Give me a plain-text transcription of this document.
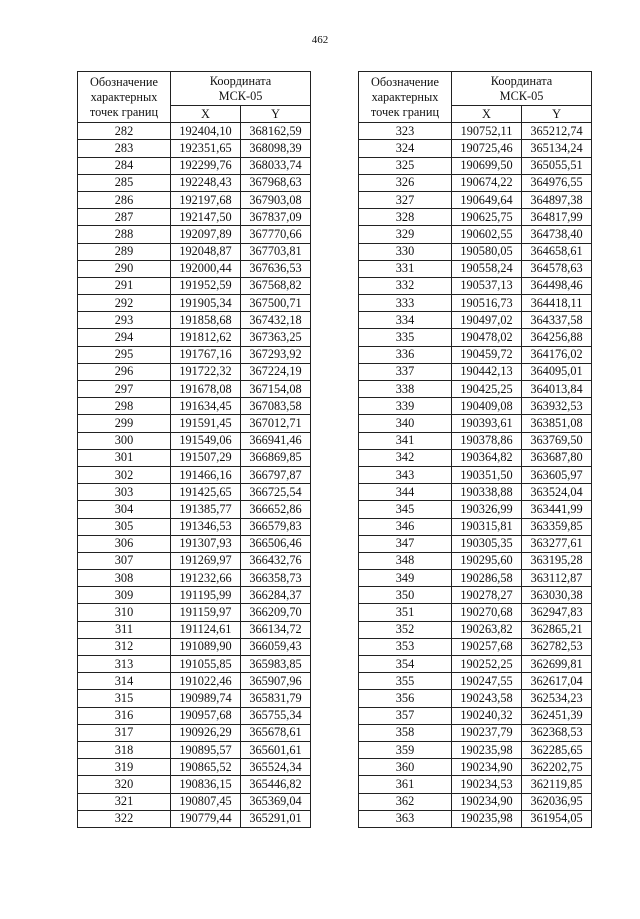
462
Обозначение
характерных
точек границ	Координата
МСК-05	

	X	Y
282	192404,10	368162,59
283	192351,65	368098,39
284	192299,76	368033,74
285	192248,43	367968,63
286	192197,68	367903,08
287	192147,50	367837,09
288	192097,89	367770,66
289	192048,87	367703,81
290	192000,44	367636,53
291	191952,59	367568,82
292	191905,34	367500,71
293	191858,68	367432,18
294	191812,62	367363,25
295	191767,16	367293,92
296	191722,32	367224,19
297	191678,08	367154,08
298	191634,45	367083,58
299	191591,45	367012,71
300	191549,06	366941,46
301	191507,29	366869,85
302	191466,16	366797,87
303	191425,65	366725,54
304	191385,77	366652,86
305	191346,53	366579,83
306	191307,93	366506,46
307	191269,97	366432,76
308	191232,66	366358,73
309	191195,99	366284,37
310	191159,97	366209,70
311	191124,61	366134,72
312	191089,90	366059,43
313	191055,85	365983,85
314	191022,46	365907,96
315	190989,74	365831,79
316	190957,68	365755,34
317	190926,29	365678,61
318	190895,57	365601,61
319	190865,52	365524,34
320	190836,15	365446,82
321	190807,45	365369,04
322	190779,44	365291,01
Обозначение
характерных
точек границ	Координата
МСК-05	

	X	Y
323	190752,11	365212,74
324	190725,46	365134,24
325	190699,50	365055,51
326	190674,22	364976,55
327	190649,64	364897,38
328	190625,75	364817,99
329	190602,55	364738,40
330	190580,05	364658,61
331	190558,24	364578,63
332	190537,13	364498,46
333	190516,73	364418,11
334	190497,02	364337,58
335	190478,02	364256,88
336	190459,72	364176,02
337	190442,13	364095,01
338	190425,25	364013,84
339	190409,08	363932,53
340	190393,61	363851,08
341	190378,86	363769,50
342	190364,82	363687,80
343	190351,50	363605,97
344	190338,88	363524,04
345	190326,99	363441,99
346	190315,81	363359,85
347	190305,35	363277,61
348	190295,60	363195,28
349	190286,58	363112,87
350	190278,27	363030,38
351	190270,68	362947,83
352	190263,82	362865,21
353	190257,68	362782,53
354	190252,25	362699,81
355	190247,55	362617,04
356	190243,58	362534,23
357	190240,32	362451,39
358	190237,79	362368,53
359	190235,98	362285,65
360	190234,90	362202,75
361	190234,53	362119,85
362	190234,90	362036,95
363	190235,98	361954,05
